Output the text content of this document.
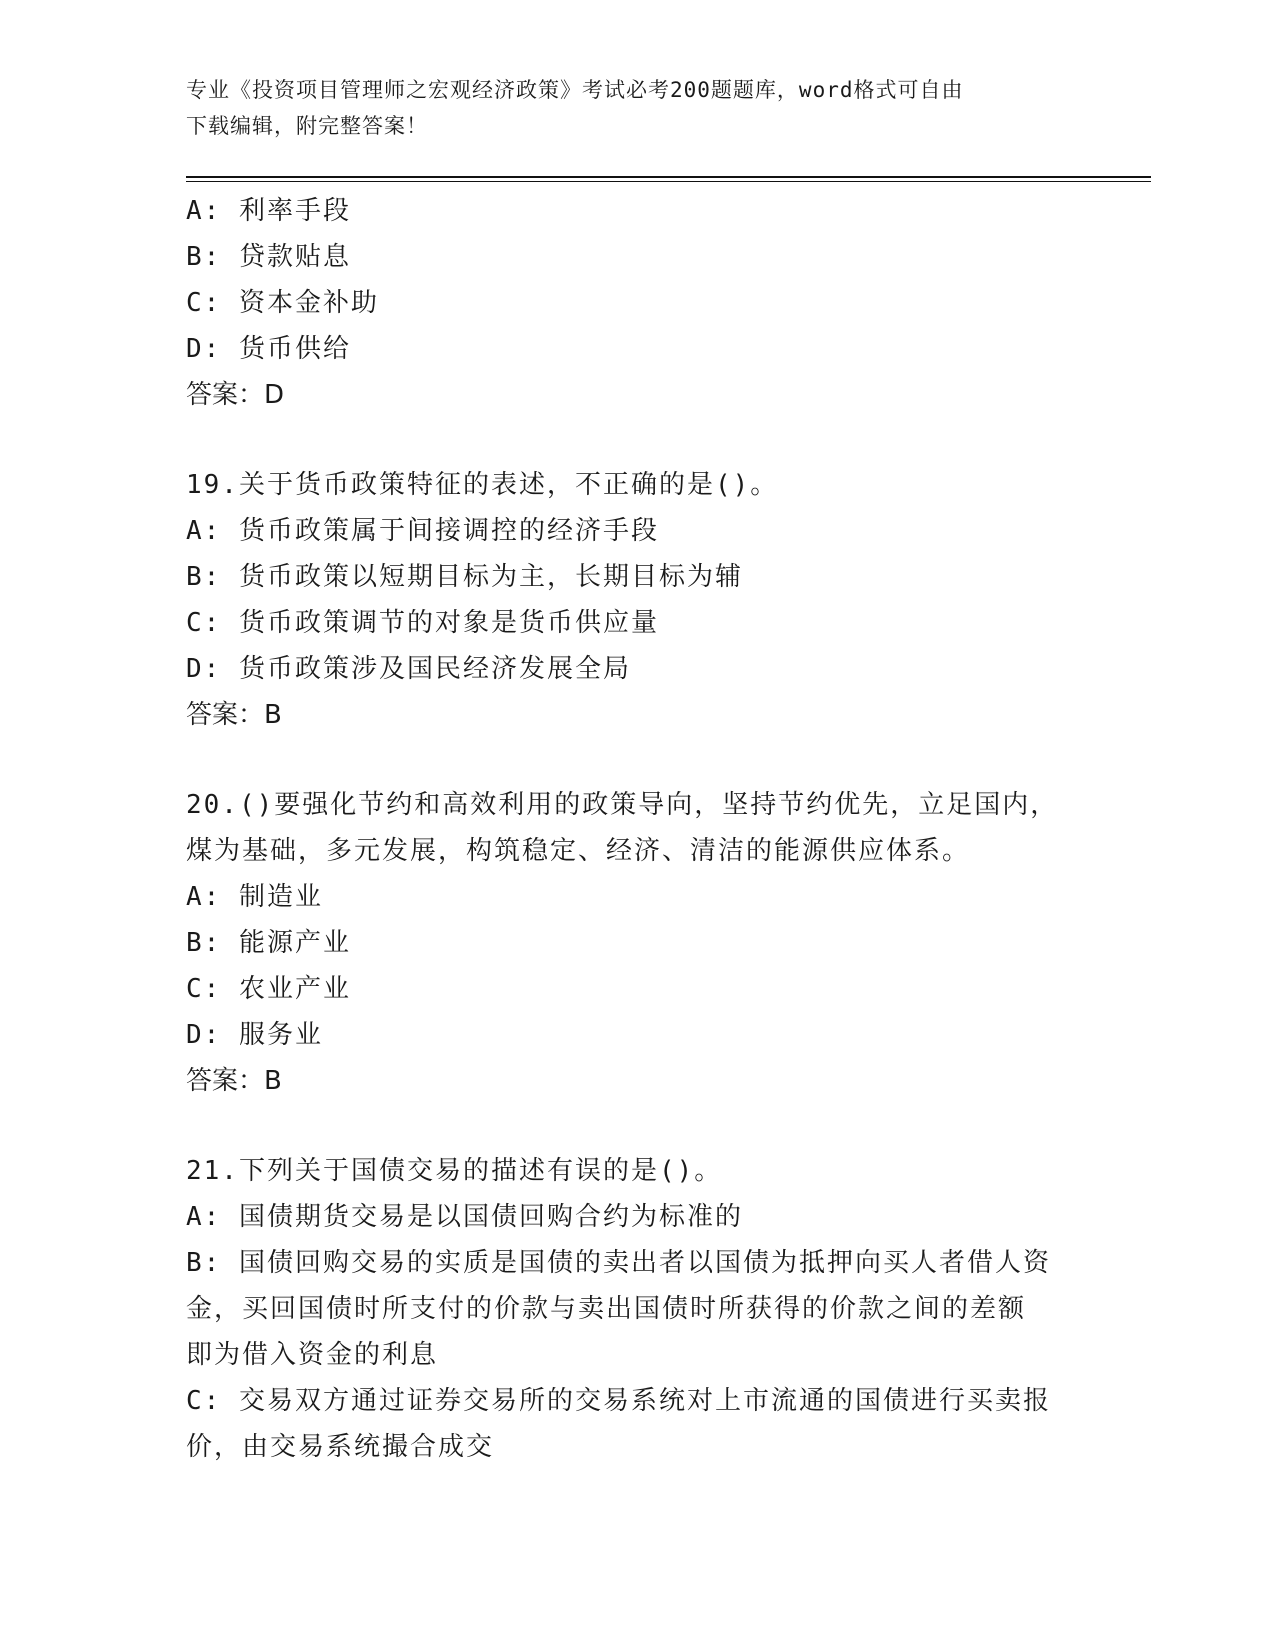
专业《投资项目管理师之宏观经济政策》考试必考200题题库，word格式可自由
下载编辑，附完整答案！
A: 利率手段
B: 贷款贴息
C: 资本金补助
D: 货币供给
答案：D
19.关于货币政策特征的表述，不正确的是()。
A: 货币政策属于间接调控的经济手段
B: 货币政策以短期目标为主，长期目标为辅
C: 货币政策调节的对象是货币供应量
D: 货币政策涉及国民经济发展全局
答案：B
20.()要强化节约和高效利用的政策导向，坚持节约优先，立足国内，
煤为基础，多元发展，构筑稳定、经济、清洁的能源供应体系。
A: 制造业
B: 能源产业
C: 农业产业
D: 服务业
答案：B
21.下列关于国债交易的描述有误的是()。
A: 国债期货交易是以国债回购合约为标准的
B: 国债回购交易的实质是国债的卖出者以国债为抵押向买人者借人资
金，买回国债时所支付的价款与卖出国债时所获得的价款之间的差额
即为借入资金的利息
C: 交易双方通过证券交易所的交易系统对上市流通的国债进行买卖报
价，由交易系统撮合成交
